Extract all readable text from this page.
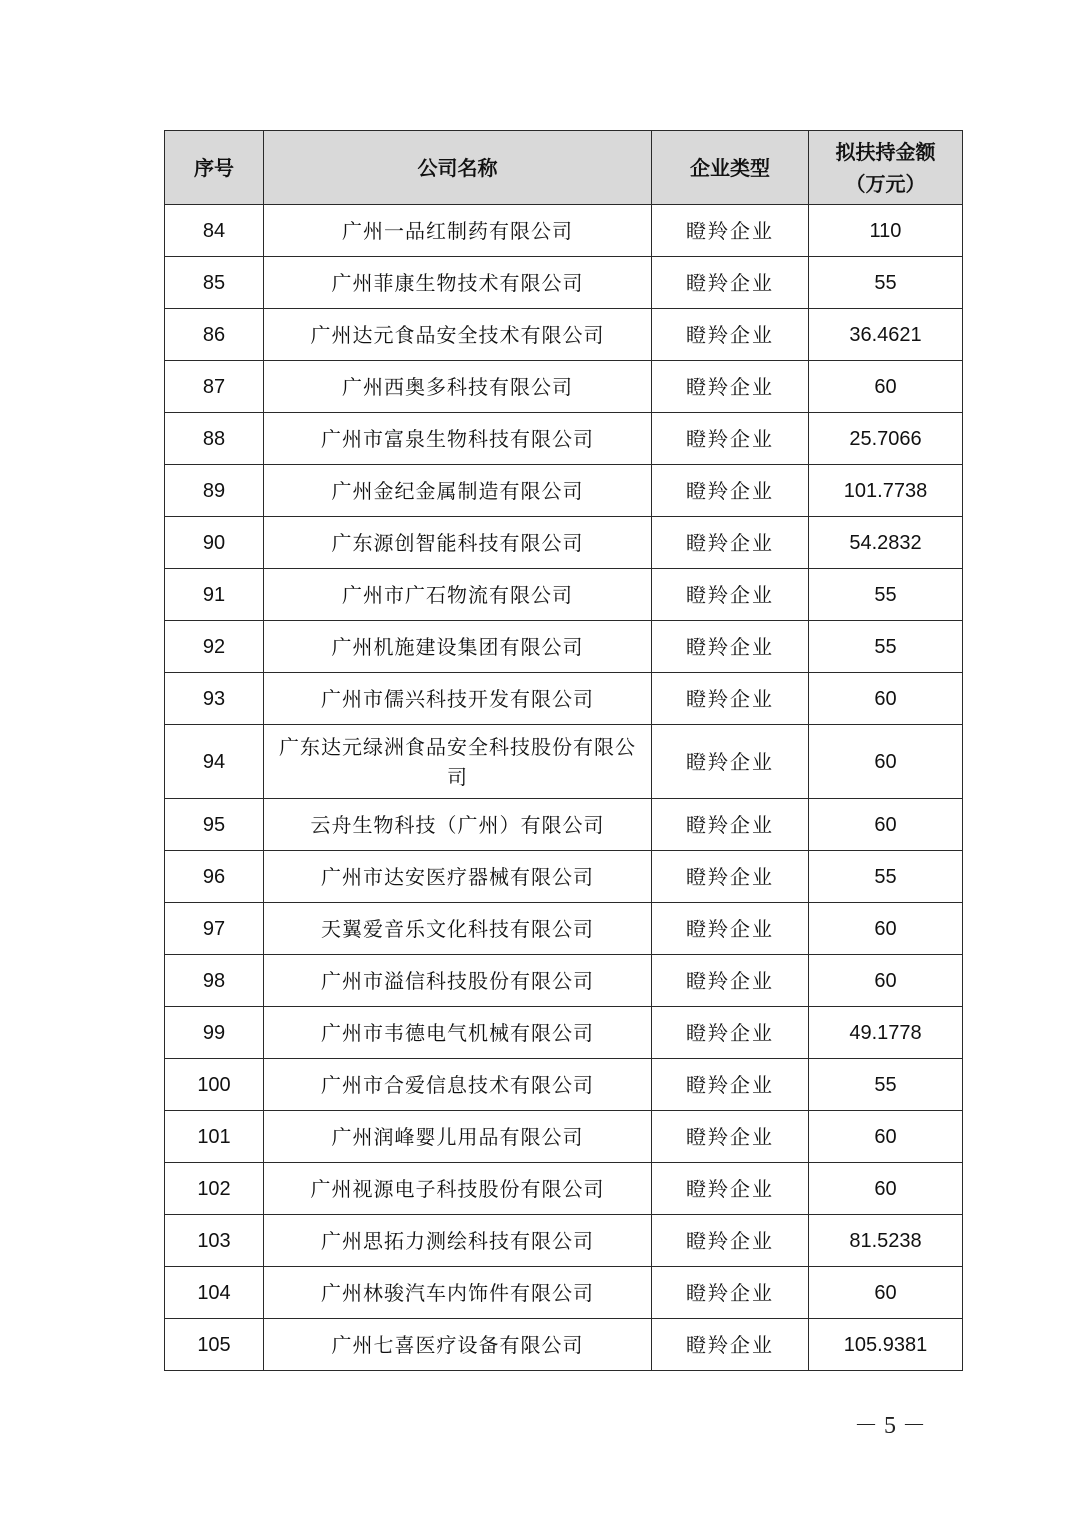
序号	公司名称	企业类型	拟扶持金额
（万元）

84	广州一品红制药有限公司	瞪羚企业	110
85	广州菲康生物技术有限公司	瞪羚企业	55
86	广州达元食品安全技术有限公司	瞪羚企业	36.4621
87	广州西奥多科技有限公司	瞪羚企业	60
88	广州市富泉生物科技有限公司	瞪羚企业	25.7066
89	广州金纪金属制造有限公司	瞪羚企业	101.7738
90	广东源创智能科技有限公司	瞪羚企业	54.2832
91	广州市广石物流有限公司	瞪羚企业	55
92	广州机施建设集团有限公司	瞪羚企业	55
93	广州市儒兴科技开发有限公司	瞪羚企业	60
94	广东达元绿洲食品安全科技股份有限公司	瞪羚企业	60
95	云舟生物科技（广州）有限公司	瞪羚企业	60
96	广州市达安医疗器械有限公司	瞪羚企业	55
97	天翼爱音乐文化科技有限公司	瞪羚企业	60
98	广州市溢信科技股份有限公司	瞪羚企业	60
99	广州市韦德电气机械有限公司	瞪羚企业	49.1778
100	广州市合爱信息技术有限公司	瞪羚企业	55
101	广州润峰婴儿用品有限公司	瞪羚企业	60
102	广州视源电子科技股份有限公司	瞪羚企业	60
103	广州思拓力测绘科技有限公司	瞪羚企业	81.5238
104	广州林骏汽车内饰件有限公司	瞪羚企业	60
105	广州七喜医疗设备有限公司	瞪羚企业	105.9381
－ 5 －
